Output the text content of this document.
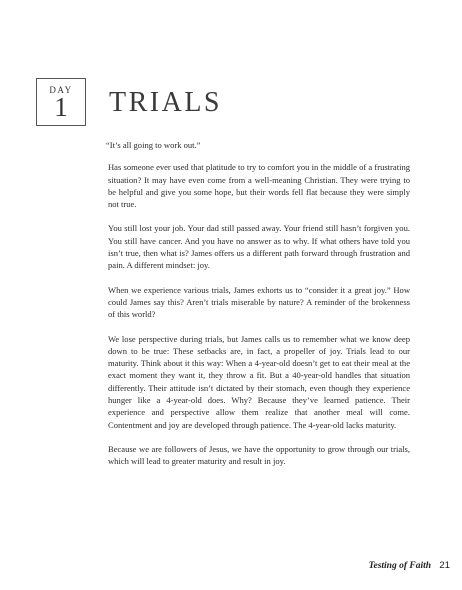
DAY
1	TRIALS

“It’s all going to work out.”

Has someone ever used that platitude to try to comfort you in the middle of a frustrating situation? It may have even come from a well-meaning Christian. They were trying to be helpful and give you some hope, but their words fell flat because they were simply not true.

You still lost your job. Your dad still passed away. Your friend still hasn’t forgiven you. You still have cancer. And you have no answer as to why. If what others have told you isn’t true, then what is? James offers us a different path forward through frustration and pain. A different mindset: joy.

When we experience various trials, James exhorts us to “consider it a great joy.” How could James say this? Aren’t trials miserable by nature? A reminder of the brokenness of this world?

We lose perspective during trials, but James calls us to remember what we know deep down to be true: These setbacks are, in fact, a propeller of joy. Trials lead to our maturity. Think about it this way: When a 4-year-old doesn’t get to eat their meal at the exact moment they want it, they throw a fit. But a 40-year-old handles that situation differently. Their attitude isn’t dictated by their stomach, even though they experience hunger like a 4-year-old does. Why? Because they’ve learned patience. Their experience and perspective allow them realize that another meal will come. Contentment and joy are developed through patience. The 4-year-old lacks maturity.

Because we are followers of Jesus, we have the opportunity to grow through our trials, which will lead to greater maturity and result in joy.

Testing of Faith 21
